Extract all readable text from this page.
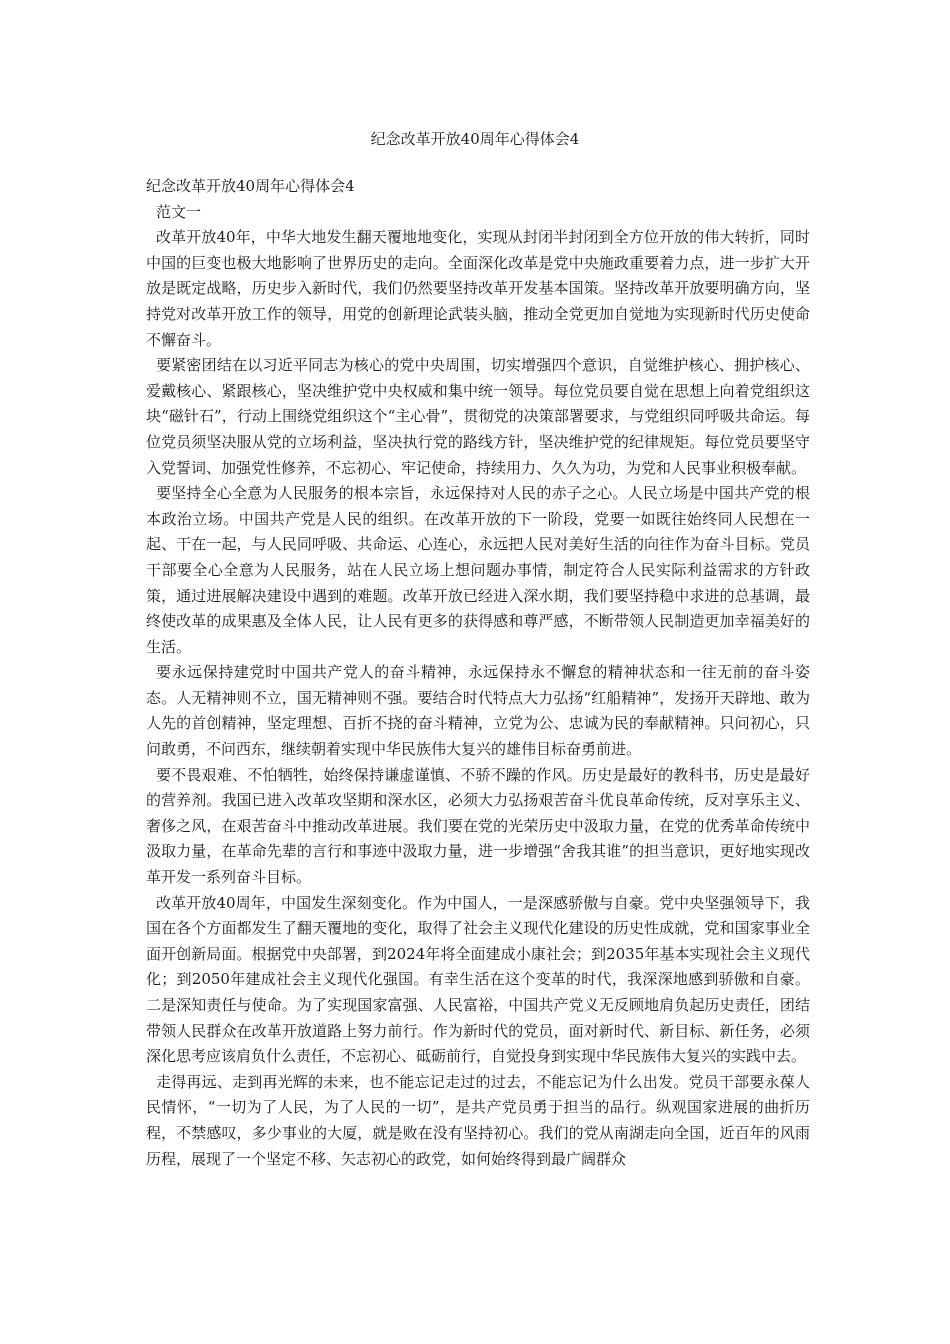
纪念改革开放40周年心得体会4

纪念改革开放40周年心得体会4

范文一

改革开放40年，中华大地发生翻天覆地地变化，实现从封闭半封闭到全方位开放的伟大转折，同时中国的巨变也极大地影响了世界历史的走向。全面深化改革是党中央施政重要着力点，进一步扩大开放是既定战略，历史步入新时代，我们仍然要坚持改革开发基本国策。坚持改革开放要明确方向，坚持党对改革开放工作的领导，用党的创新理论武装头脑，推动全党更加自觉地为实现新时代历史使命不懈奋斗。

要紧密团结在以习近平同志为核心的党中央周围，切实增强四个意识，自觉维护核心、拥护核心、爱戴核心、紧跟核心，坚决维护党中央权威和集中统一领导。每位党员要自觉在思想上向着党组织这块“磁针石”，行动上围绕党组织这个“主心骨”，贯彻党的决策部署要求，与党组织同呼吸共命运。每位党员须坚决服从党的立场利益，坚决执行党的路线方针，坚决维护党的纪律规矩。每位党员要坚守入党誓词、加强党性修养，不忘初心、牢记使命，持续用力、久久为功，为党和人民事业积极奉献。

要坚持全心全意为人民服务的根本宗旨，永远保持对人民的赤子之心。人民立场是中国共产党的根本政治立场。中国共产党是人民的组织。在改革开放的下一阶段，党要一如既往始终同人民想在一起、干在一起，与人民同呼吸、共命运、心连心，永远把人民对美好生活的向往作为奋斗目标。党员干部要全心全意为人民服务，站在人民立场上想问题办事情，制定符合人民实际利益需求的方针政策，通过进展解决建设中遇到的难题。改革开放已经进入深水期，我们要坚持稳中求进的总基调，最终使改革的成果惠及全体人民，让人民有更多的获得感和尊严感，不断带领人民制造更加幸福美好的生活。

要永远保持建党时中国共产党人的奋斗精神，永远保持永不懈怠的精神状态和一往无前的奋斗姿态。人无精神则不立，国无精神则不强。要结合时代特点大力弘扬“红船精神”，发扬开天辟地、敢为人先的首创精神，坚定理想、百折不挠的奋斗精神，立党为公、忠诚为民的奉献精神。只问初心，只问敢勇，不问西东，继续朝着实现中华民族伟大复兴的雄伟目标奋勇前进。

要不畏艰难、不怕牺牲，始终保持谦虚谨慎、不骄不躁的作风。历史是最好的教科书，历史是最好的营养剂。我国已进入改革攻坚期和深水区，必须大力弘扬艰苦奋斗优良革命传统，反对享乐主义、奢侈之风，在艰苦奋斗中推动改革进展。我们要在党的光荣历史中汲取力量，在党的优秀革命传统中汲取力量，在革命先辈的言行和事迹中汲取力量，进一步增强“舍我其谁”的担当意识，更好地实现改革开发一系列奋斗目标。

改革开放40周年，中国发生深刻变化。作为中国人，一是深感骄傲与自豪。党中央坚强领导下，我国在各个方面都发生了翻天覆地的变化，取得了社会主义现代化建设的历史性成就，党和国家事业全面开创新局面。根据党中央部署，到2024年将全面建成小康社会；到2035年基本实现社会主义现代化；到2050年建成社会主义现代化强国。有幸生活在这个变革的时代，我深深地感到骄傲和自豪。二是深知责任与使命。为了实现国家富强、人民富裕，中国共产党义无反顾地肩负起历史责任，团结带领人民群众在改革开放道路上努力前行。作为新时代的党员，面对新时代、新目标、新任务，必须深化思考应该肩负什么责任，不忘初心、砥砺前行，自觉投身到实现中华民族伟大复兴的实践中去。

走得再远、走到再光辉的未来，也不能忘记走过的过去，不能忘记为什么出发。党员干部要永葆人民情怀，“一切为了人民，为了人民的一切”，是共产党员勇于担当的品行。纵观国家进展的曲折历程，不禁感叹，多少事业的大厦，就是败在没有坚持初心。我们的党从南湖走向全国，近百年的风雨历程，展现了一个坚定不移、矢志初心的政党，如何始终得到最广阔群众
